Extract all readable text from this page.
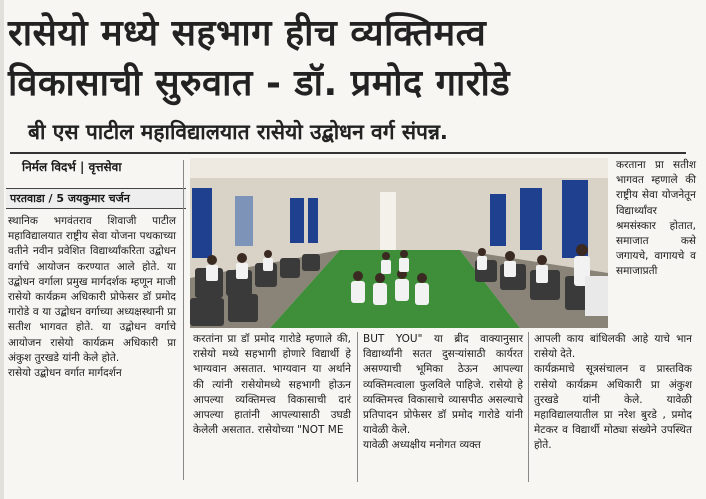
रासेयो मध्ये सहभाग हीच व्यक्तिमत्व
विकासाची सुरुवात - डॉ. प्रमोद गारोडे
बी एस पाटील महाविद्यालयात रासेयो उद्बोधन वर्ग संपन्न.
निर्मल विदर्भ | वृत्तसेवा
परतवाडा / 5 जयकुमार चर्जन
स्थानिक भगवंतराव शिवाजी पाटील महाविद्यालयात राष्ट्रीय सेवा योजना पथकाच्या वतीने नवीन प्रवेशित विद्यार्थ्यांकरिता उद्बोधन वर्गाचे आयोजन करण्यात आले होते. या उद्बोधन वर्गाला प्रमुख मार्गदर्शक म्हणून माजी रासेयो कार्यक्रम अधिकारी प्रोफेसर डॉ प्रमोद गारोडे व या उद्बोधन वर्गाच्या अध्यक्षस्थानी प्रा सतीश भागवत होते. या उद्बोधन वर्गाचे आयोजन रासेयो कार्यक्रम अधिकारी प्रा अंकुश तुरखडे यांनी केले होते.
रासेयो उद्बोधन वर्गात मार्गदर्शन
करताना प्रा सतीश भागवत म्हणाले की राष्ट्रीय सेवा योजनेतून विद्यार्थ्यांवर श्रमसंस्कार होतात, समाजात कसे जगायचे, वागायचे व समाजाप्रती
करतांना प्रा डॉ प्रमोद गारोडे म्हणाले की, रासेयो मध्ये सहभागी होणारे विद्यार्थी हे भाग्यवान असतात. भाग्यवान या अर्थाने की त्यांनी रासेयोमध्ये सहभागी होऊन आपल्या व्यक्तिमत्त्व विकासाची दारं आपल्या हातांनी आपल्यासाठी उघडी केलेली असतात. रासेयोच्या "NOT ME
BUT YOU" या ब्रीद वाक्यानुसार विद्यार्थ्यांनी सतत दुसऱ्यांसाठी कार्यरत असण्याची भूमिका ठेऊन आपल्या व्यक्तिमत्वाला फुलविले पाहिजे. रासेयो हे व्यक्तिमत्त्व विकासाचे व्यासपीठ असल्याचे प्रतिपादन प्रोफेसर डॉ प्रमोद गारोडे यांनी यावेळी केले.
यावेळी अध्यक्षीय मनोगत व्यक्त
आपली काय बांधिलकी आहे याचे भान रासेयो देते.
कार्यक्रमाचे सूत्रसंचालन व प्रास्तविक रासेयो कार्यक्रम अधिकारी प्रा अंकुश तुरखडे यांनी केले. यावेळी महाविद्यालयातील प्रा नरेश बुरडे , प्रमोद मेटकर व विद्यार्थी मोठ्या संख्येने उपस्थित होते.
